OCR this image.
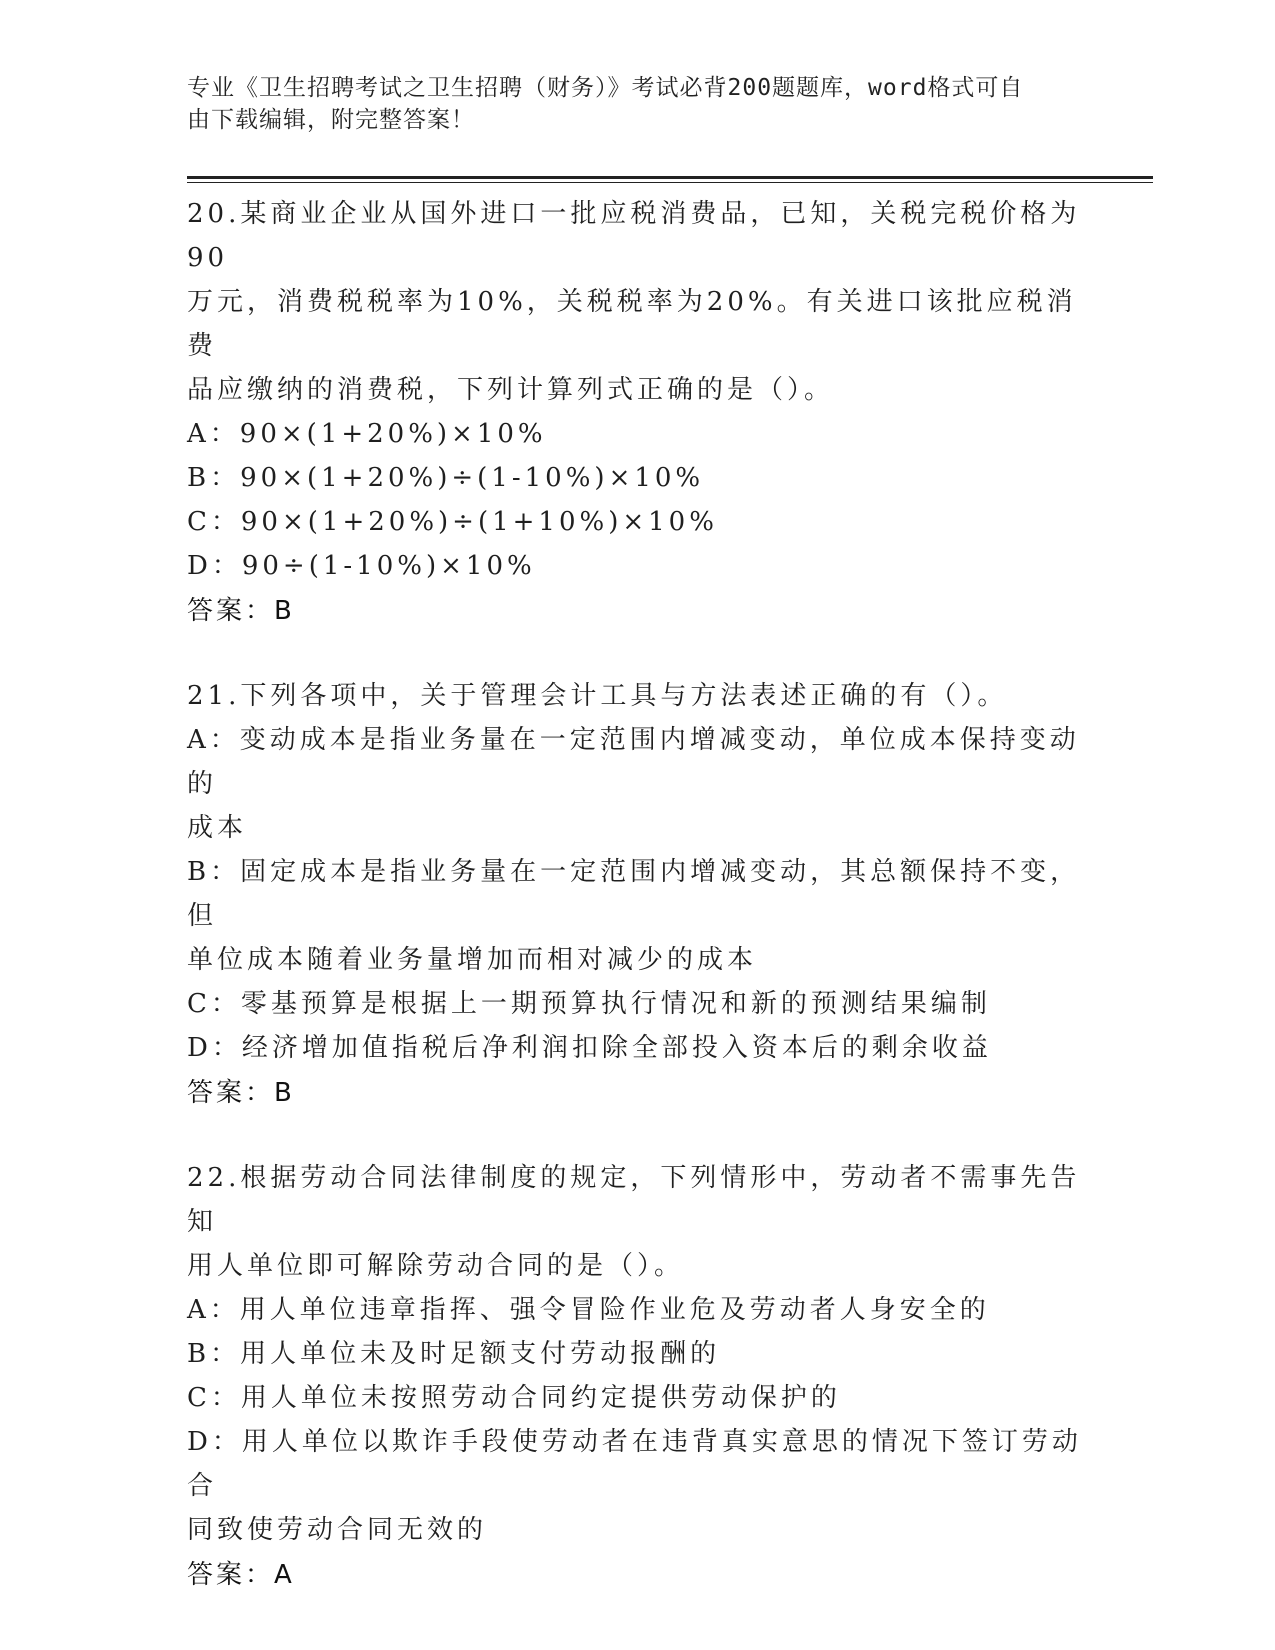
专业《卫生招聘考试之卫生招聘（财务）》考试必背200题题库，word格式可自
由下载编辑，附完整答案！

20.某商业企业从国外进口一批应税消费品，已知，关税完税价格为90

万元，消费税税率为10%，关税税率为20%。有关进口该批应税消费

品应缴纳的消费税，下列计算列式正确的是（）。

A：90×(1+20%)×10%

B：90×(1+20%)÷(1-10%)×10%

C：90×(1+20%)÷(1+10%)×10%

D：90÷(1-10%)×10%

答案：B

21.下列各项中，关于管理会计工具与方法表述正确的有（）。

A：变动成本是指业务量在一定范围内增减变动，单位成本保持变动的

成本

B：固定成本是指业务量在一定范围内增减变动，其总额保持不变，但

单位成本随着业务量增加而相对减少的成本

C：零基预算是根据上一期预算执行情况和新的预测结果编制

D：经济增加值指税后净利润扣除全部投入资本后的剩余收益

答案：B

22.根据劳动合同法律制度的规定，下列情形中，劳动者不需事先告知

用人单位即可解除劳动合同的是（）。

A：用人单位违章指挥、强令冒险作业危及劳动者人身安全的

B：用人单位未及时足额支付劳动报酬的

C：用人单位未按照劳动合同约定提供劳动保护的

D：用人单位以欺诈手段使劳动者在违背真实意思的情况下签订劳动合

同致使劳动合同无效的

答案：A
